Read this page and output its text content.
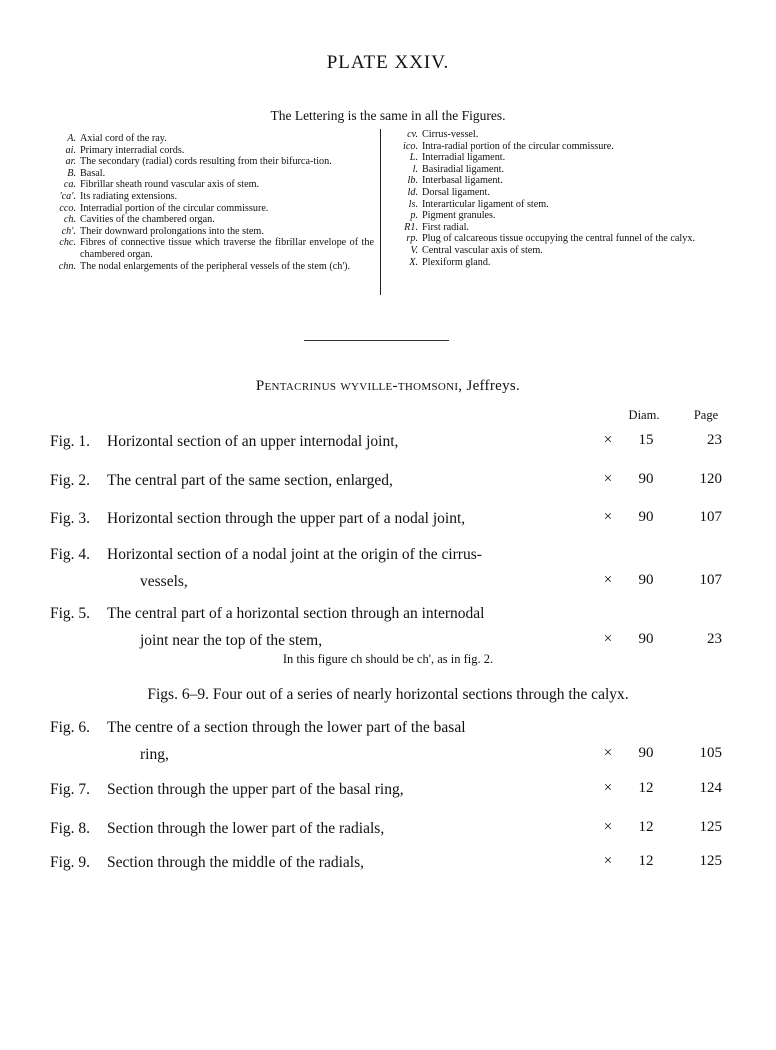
PLATE XXIV.
The Lettering is the same in all the Figures.
A. Axial cord of the ray.
ai. Primary interradial cords.
ar. The secondary (radial) cords resulting from their bifurca-tion.
B. Basal.
ca. Fibrillar sheath round vascular axis of stem.
'ca'. Its radiating extensions.
cco. Interradial portion of the circular commissure.
ch. Cavities of the chambered organ.
ch'. Their downward prolongations into the stem.
chc. Fibres of connective tissue which traverse the fibrillar envelope of the chambered organ.
chn. The nodal enlargements of the peripheral vessels of the stem (ch').
cv. Cirrus-vessel.
ico. Intra-radial portion of the circular commissure.
L. Interradial ligament.
l. Basiradial ligament.
lb. Interbasal ligament.
ld. Dorsal ligament.
ls. Interarticular ligament of stem.
p. Pigment granules.
R1. First radial.
rp. Plug of calcareous tissue occupying the central funnel of the calyx.
V. Central vascular axis of stem.
X. Plexiform gland.
Pentacrinus wyville-thomsoni, Jeffreys.
Diam.	Page
Fig. 1. Horizontal section of an upper internodal joint,	×	15	23
Fig. 2. The central part of the same section, enlarged,	×	90	120
Fig. 3. Horizontal section through the upper part of a nodal joint,	×	90	107
Fig. 4. Horizontal section of a nodal joint at the origin of the cirrus-
vessels,	×	90	107
Fig. 5. The central part of a horizontal section through an internodal
joint near the top of the stem,	×	90	23
Fig. 6. The centre of a section through the lower part of the basal
ring,	×	90	105
Fig. 7. Section through the upper part of the basal ring,	×	12	124
Fig. 8. Section through the lower part of the radials,	×	12	125
Fig. 9. Section through the middle of the radials,	×	12	125
In this figure ch should be ch', as in fig. 2.
Figs. 6–9. Four out of a series of nearly horizontal sections through the calyx.
